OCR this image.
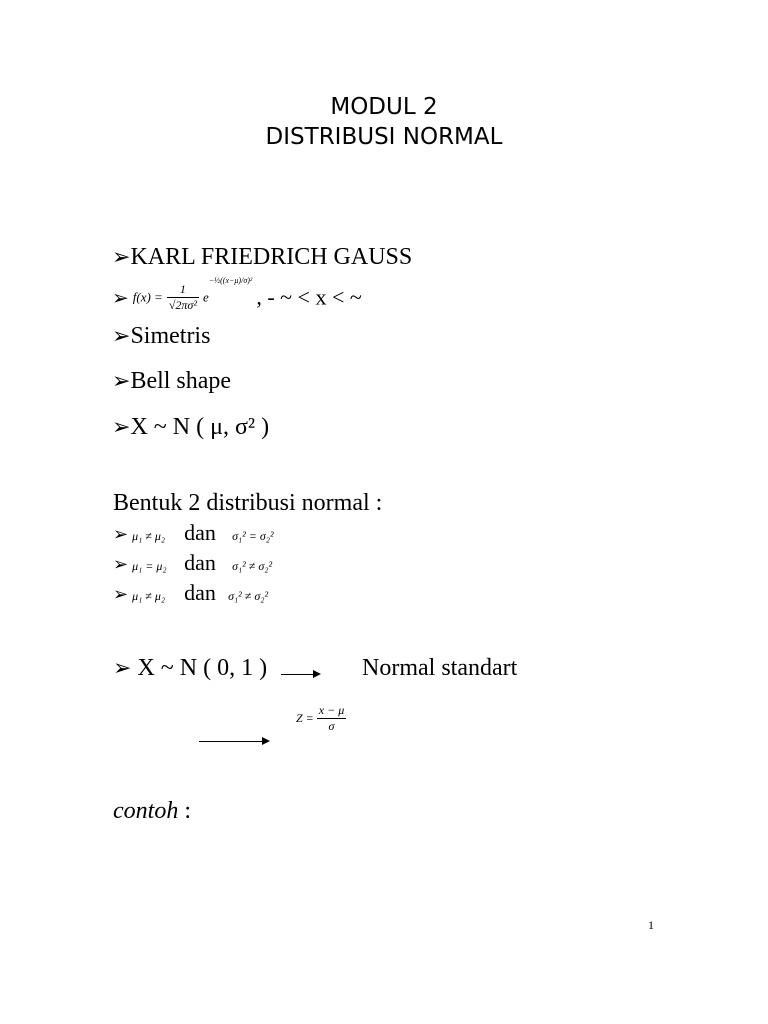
MODUL 2
DISTRIBUSI NORMAL
➢KARL FRIEDRICH GAUSS
➢ $f(x) = \frac{1}{\text{√2πσ²}} e^{-\frac{1}{2}((x-\mu)/\sigma)^2}$ , - ~ < x < ~
➢Simetris
➢Bell shape
➢X ~ N ( μ, σ² )
Bentuk 2 distribusi normal :
➢ μ₁ ≠ μ₂ dan σ₁² = σ₂²
➢ μ₁ = μ₂ dan σ₁² ≠ σ₂²
➢ μ₁ ≠ μ₂ dan σ₁² ≠ σ₂²
➢ X ~ N ( 0, 1 )	Normal standart
$Z = \frac{x - \mu}{\sigma}$
contoh :
1
